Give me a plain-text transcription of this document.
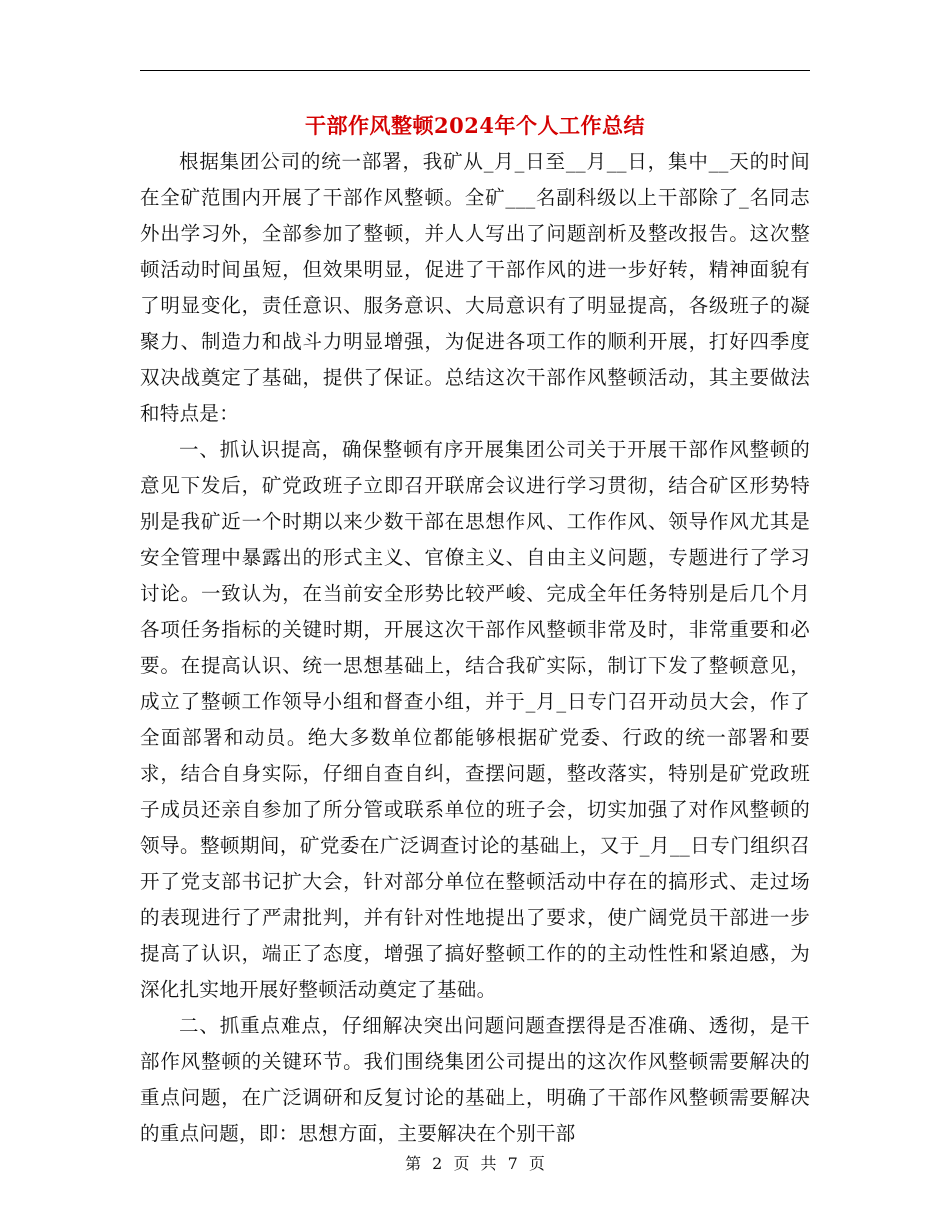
干部作风整顿2024年个人工作总结

根据集团公司的统一部署，我矿从_月_日至__月__日，集中__天的时间在全矿范围内开展了干部作风整顿。全矿___名副科级以上干部除了_名同志外出学习外，全部参加了整顿，并人人写出了问题剖析及整改报告。这次整顿活动时间虽短，但效果明显，促进了干部作风的进一步好转，精神面貌有了明显变化，责任意识、服务意识、大局意识有了明显提高，各级班子的凝聚力、制造力和战斗力明显增强，为促进各项工作的顺利开展，打好四季度双决战奠定了基础，提供了保证。总结这次干部作风整顿活动，其主要做法和特点是：

一、抓认识提高，确保整顿有序开展集团公司关于开展干部作风整顿的意见下发后，矿党政班子立即召开联席会议进行学习贯彻，结合矿区形势特别是我矿近一个时期以来少数干部在思想作风、工作作风、领导作风尤其是安全管理中暴露出的形式主义、官僚主义、自由主义问题，专题进行了学习讨论。一致认为，在当前安全形势比较严峻、完成全年任务特别是后几个月各项任务指标的关键时期，开展这次干部作风整顿非常及时，非常重要和必要。在提高认识、统一思想基础上，结合我矿实际，制订下发了整顿意见，成立了整顿工作领导小组和督查小组，并于_月_日专门召开动员大会，作了全面部署和动员。绝大多数单位都能够根据矿党委、行政的统一部署和要求，结合自身实际，仔细自查自纠，查摆问题，整改落实，特别是矿党政班子成员还亲自参加了所分管或联系单位的班子会，切实加强了对作风整顿的领导。整顿期间，矿党委在广泛调查讨论的基础上，又于_月__日专门组织召开了党支部书记扩大会，针对部分单位在整顿活动中存在的搞形式、走过场的表现进行了严肃批判，并有针对性地提出了要求，使广阔党员干部进一步提高了认识，端正了态度，增强了搞好整顿工作的的主动性性和紧迫感，为深化扎实地开展好整顿活动奠定了基础。

二、抓重点难点，仔细解决突出问题问题查摆得是否准确、透彻，是干部作风整顿的关键环节。我们围绕集团公司提出的这次作风整顿需要解决的重点问题，在广泛调研和反复讨论的基础上，明确了干部作风整顿需要解决的重点问题，即：思想方面，主要解决在个别干部

第 2 页 共 7 页
